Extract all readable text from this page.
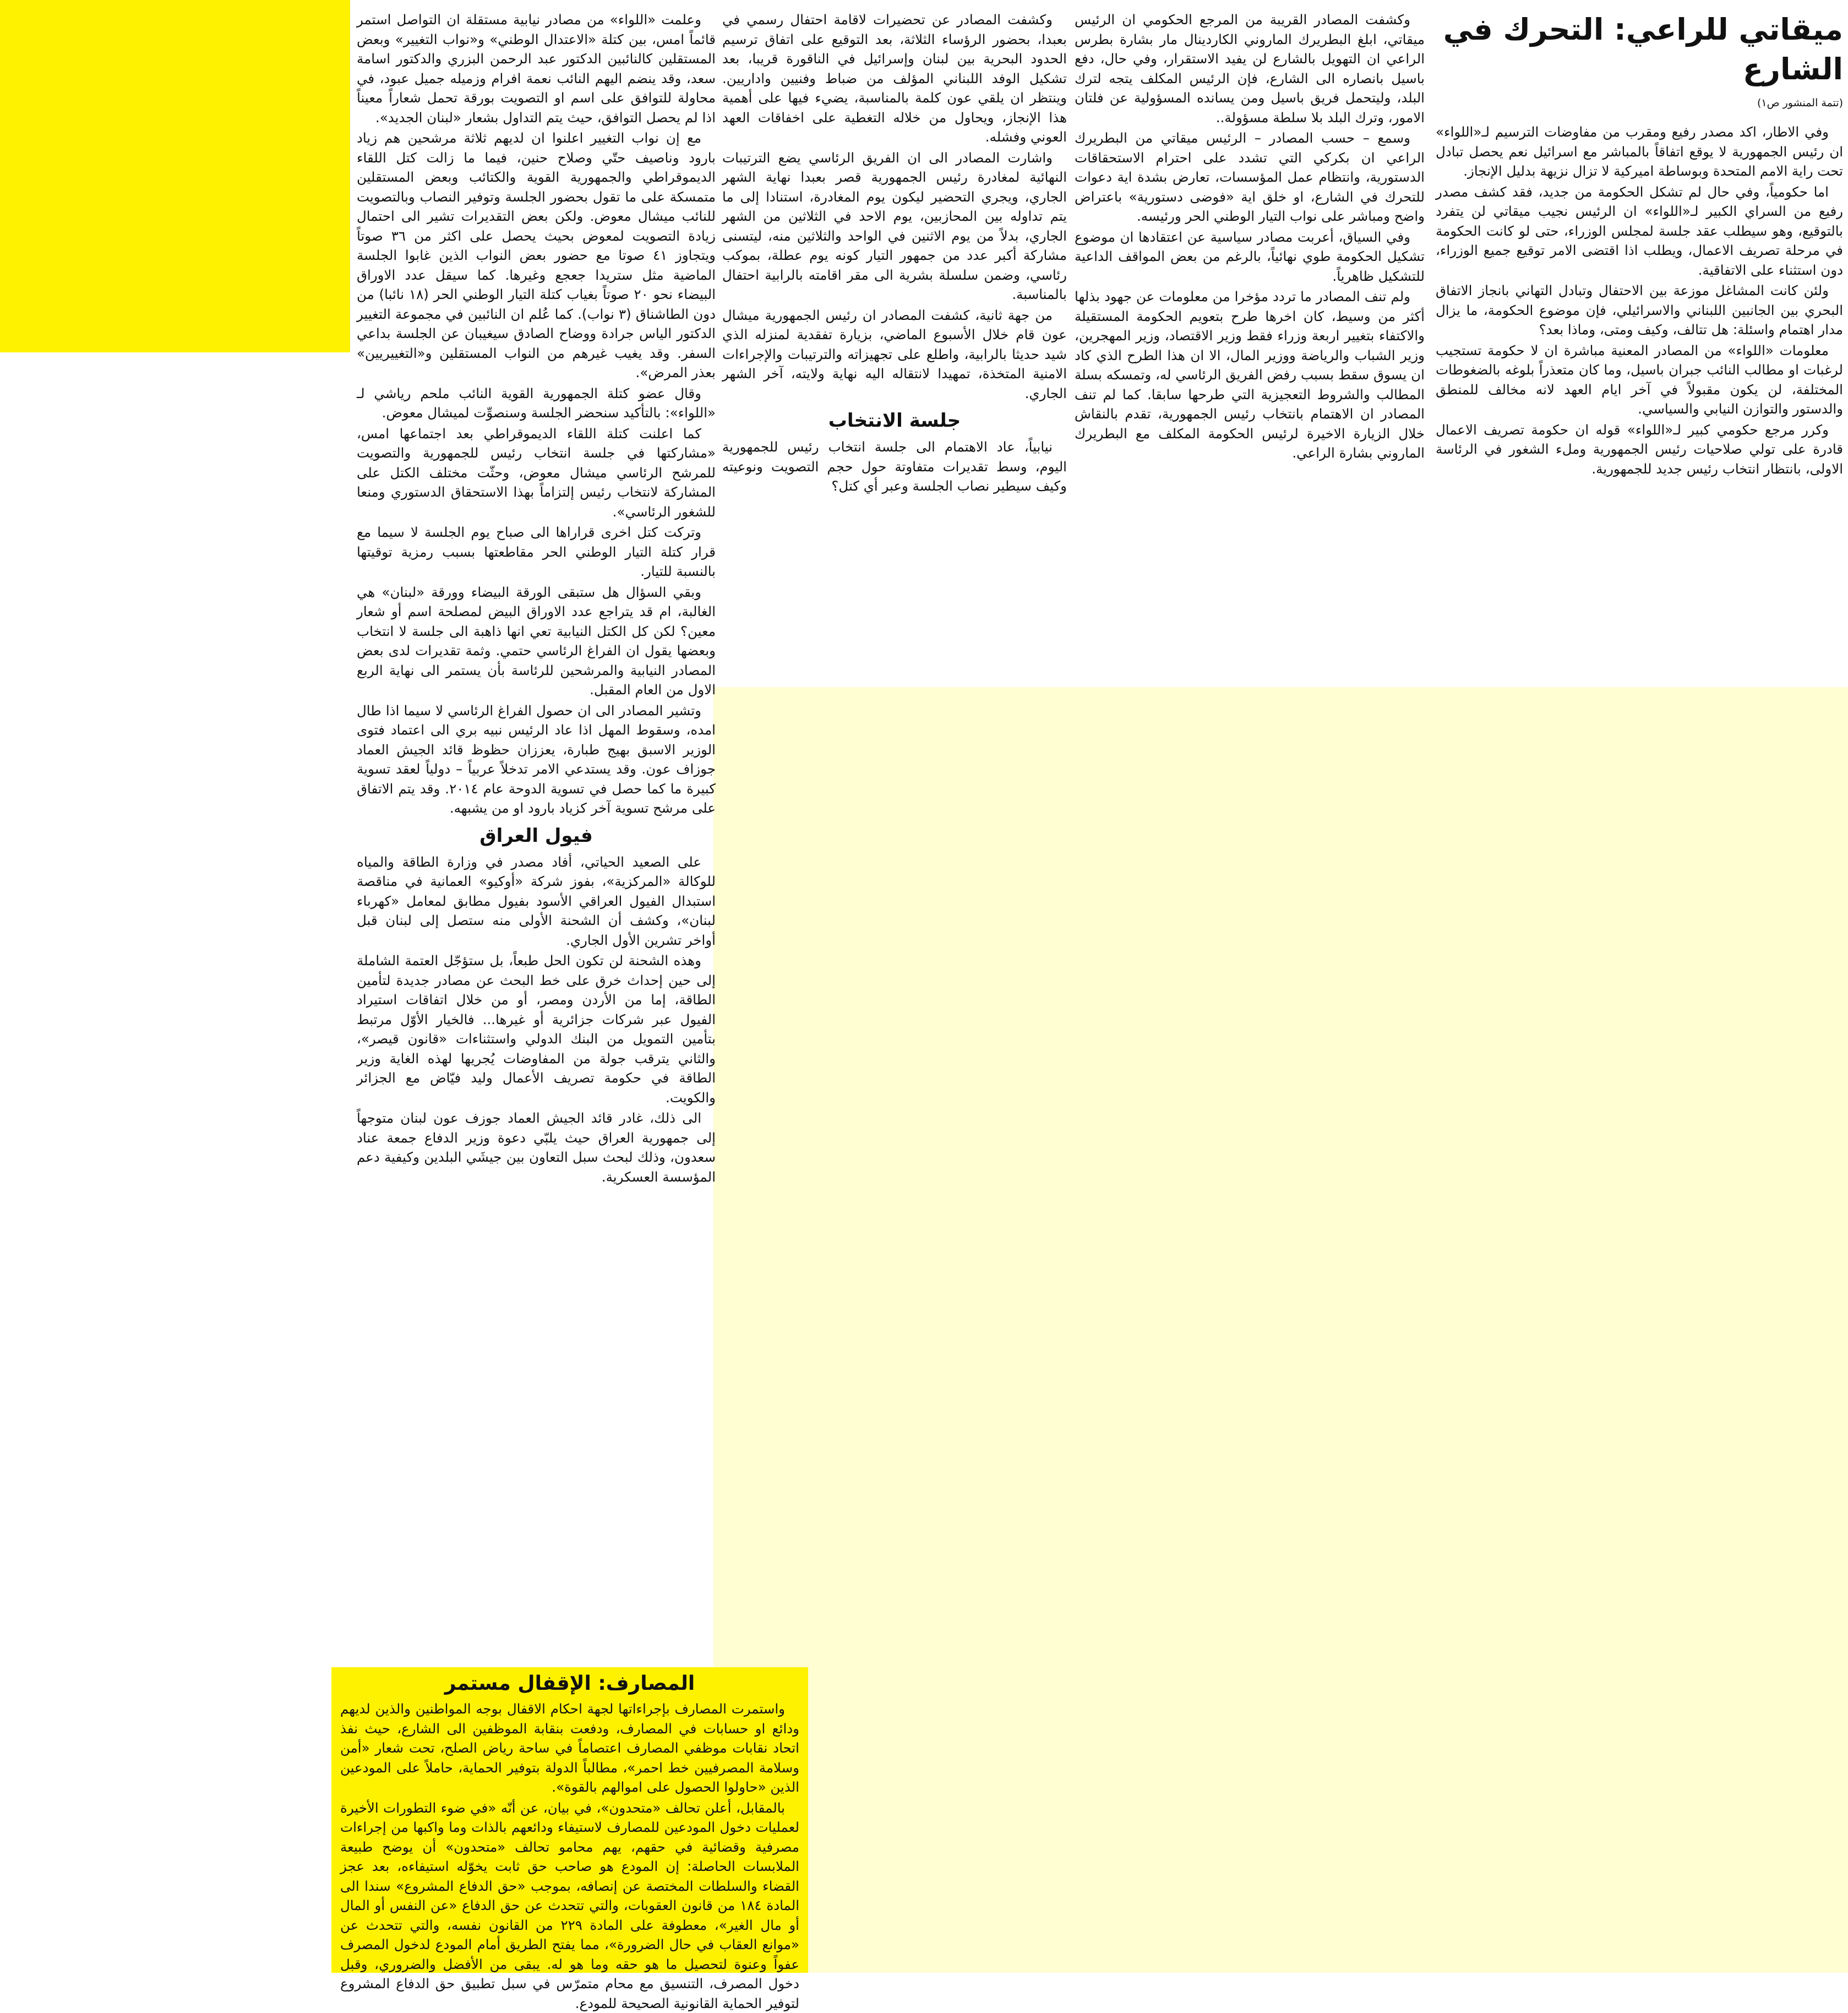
ميقاتي للراعي: التحرك في الشارع
(تتمة المنشور ص١)

وفي الاطار، اكد مصدر رفيع ومقرب من مفاوضات الترسيم لـ«اللواء» ان رئيس الجمهورية لا يوقع اتفاقاً بالمباشر مع اسرائيل نعم يحصل تبادل تحت راية الامم المتحدة وبوساطة اميركية لا تزال نزيهة بدليل الإنجاز.

اما حكومياً، وفي حال لم تشكل الحكومة من جديد، فقد كشف مصدر رفيع من السراي الكبير لـ«اللواء» ان الرئيس نجيب ميقاتي لن يتفرد بالتوقيع، وهو سيطلب عقد جلسة لمجلس الوزراء، حتى لو كانت الحكومة في مرحلة تصريف الاعمال، ويطلب اذا اقتضى الامر توقيع جميع الوزراء، دون استثناء على الاتفاقية.

ولئن كانت المشاغل موزعة بين الاحتفال وتبادل التهاني بانجاز الاتفاق البحري بين الجانبين اللبناني والاسرائيلي، فإن موضوع الحكومة، ما يزال مدار اهتمام واسئلة: هل تتالف، وكيف ومتى، وماذا بعد؟

معلومات «اللواء» من المصادر المعنية مباشرة ان لا حكومة تستجيب لرغبات او مطالب النائب جبران باسيل، وما كان متعذراً بلوغه بالضغوطات المختلفة، لن يكون مقبولاً في آخر ايام العهد لانه مخالف للمنطق والدستور والتوازن النيابي والسياسي.

وكرر مرجع حكومي كبير لـ«اللواء» قوله ان حكومة تصريف الاعمال قادرة على تولي صلاحيات رئيس الجمهورية وملء الشغور في الرئاسة الاولى، بانتظار انتخاب رئيس جديد للجمهورية.

وكشفت المصادر القريبة من المرجع الحكومي ان الرئيس ميقاتي، ابلغ البطريرك الماروني الكاردينال مار بشارة بطرس الراعي ان التهويل بالشارع لن يفيد الاستقرار، وفي حال، دفع باسيل بانصاره الى الشارع، فإن الرئيس المكلف يتجه لترك البلد، وليتحمل فريق باسيل ومن يسانده المسؤولية عن فلتان الامور، وترك البلد بلا سلطة مسؤولة..

وسمع – حسب المصادر – الرئيس ميقاتي من البطريرك الراعي ان بكركي التي تشدد على احترام الاستحقاقات الدستورية، وانتظام عمل المؤسسات، تعارض بشدة اية دعوات للتحرك في الشارع، او خلق اية «فوضى دستورية» باعتراض واضح ومباشر على نواب التيار الوطني الحر ورئيسه.

وفي السياق، أعربت مصادر سياسية عن اعتقادها ان موضوع تشكيل الحكومة طوي نهائياً، بالرغم من بعض المواقف الداعية للتشكيل ظاهرياً.

ولم تنف المصادر ما تردد مؤخرا من معلومات عن جهود بذلها أكثر من وسيط، كان اخرها طرح بتعويم الحكومة المستقيلة والاكتفاء بتغيير اربعة وزراء فقط وزير الاقتصاد، وزير المهجرين، وزير الشباب والرياضة ووزير المال، الا ان هذا الطرح الذي كاد ان يسوق سقط بسبب رفض الفريق الرئاسي له، وتمسكه بسلة المطالب والشروط التعجيزية التي طرحها سابقا. كما لم تنف المصادر ان الاهتمام بانتخاب رئيس الجمهورية، تقدم بالنقاش خلال الزيارة الاخيرة لرئيس الحكومة المكلف مع البطريرك الماروني بشارة الراعي.

وكشفت المصادر عن تحضيرات لاقامة احتفال رسمي في بعبدا، بحضور الرؤساء الثلاثة، بعد التوقيع على اتفاق ترسيم الحدود البحرية بين لبنان وإسرائيل في الناقورة قريبا، بعد تشكيل الوفد اللبناني المؤلف من ضباط وفنيين واداريين. وينتظر ان يلقي عون كلمة بالمناسبة، يضيء فيها على أهمية هذا الإنجاز، ويحاول من خلاله التغطية على اخفاقات العهد العوني وفشله.

واشارت المصادر الى ان الفريق الرئاسي يضع الترتيبات النهائية لمغادرة رئيس الجمهورية قصر بعبدا نهاية الشهر الجاري، ويجري التحضير ليكون يوم المغادرة، استنادا إلى ما يتم تداوله بين المحازبين، يوم الاحد في الثلاثين من الشهر الجاري، بدلاً من يوم الاثنين في الواحد والثلاثين منه، ليتسنى مشاركة أكبر عدد من جمهور التيار كونه يوم عطلة، بموكب رئاسي، وضمن سلسلة بشرية الى مقر اقامته بالرابية احتفال بالمناسبة.

من جهة ثانية، كشفت المصادر ان رئيس الجمهورية ميشال عون قام خلال الأسبوع الماضي، بزيارة تفقدية لمنزله الذي شيد حديثا بالرابية، واطلع على تجهيزاته والترتيبات والإجراءات الامنية المتخذة، تمهيدا لانتقاله اليه نهاية ولايته، آخر الشهر الجاري.

جلسة الانتخاب

نيابياً، عاد الاهتمام الى جلسة انتخاب رئيس للجمهورية اليوم، وسط تقديرات متفاوتة حول حجم التصويت ونوعيته وكيف سيطير نصاب الجلسة وعبر أي كتل؟

وعلمت «اللواء» من مصادر نيابية مستقلة ان التواصل استمر قائماً امس، بين كتلة «الاعتدال الوطني» و«نواب التغيير» وبعض المستقلين كالنائبين الدكتور عبد الرحمن البزري والدكتور اسامة سعد، وقد ينضم اليهم النائب نعمة افرام وزميله جميل عبود، في محاولة للتوافق على اسم او التصويت بورقة تحمل شعاراً معيناً اذا لم يحصل التوافق، حيث يتم التداول بشعار «لبنان الجديد».

مع إن نواب التغيير اعلنوا ان لديهم ثلاثة مرشحين هم زياد بارود وناصيف حتّي وصلاح حنين، فيما ما زالت كتل اللقاء الديموقراطي والجمهورية القوية والكتائب وبعض المستقلين متمسكة على ما تقول بحضور الجلسة وتوفير النصاب وبالتصويت للنائب ميشال معوض. ولكن بعض التقديرات تشير الى احتمال زيادة التصويت لمعوض بحيث يحصل على اكثر من ٣٦ صوتاً ويتجاوز ٤١ صوتا مع حضور بعض النواب الذين غابوا الجلسة الماضية مثل ستريدا جعجع وغيرها. كما سيقل عدد الاوراق البيضاء نحو ٢٠ صوتاً بغياب كتلة التيار الوطني الحر (١٨ نائبا) من دون الطاشناق (٣ نواب). كما عُلم ان النائبين في مجموعة التغيير الدكتور الياس جرادة ووضاح الصادق سيغيبان عن الجلسة بداعي السفر. وقد يغيب غيرهم من النواب المستقلين و«التغييريين» بعذر المرض».

وقال عضو كتلة الجمهورية القوية النائب ملحم رياشي لـ «اللواء»: بالتأكيد سنحضر الجلسة وسنصوِّت لميشال معوض.

كما اعلنت كتلة اللقاء الديموقراطي بعد اجتماعها امس، «مشاركتها في جلسة انتخاب رئيس للجمهورية والتصويت للمرشح الرئاسي ميشال معوض، وحثّت مختلف الكتل على المشاركة لانتخاب رئيس إلتزاماً بهذا الاستحقاق الدستوري ومنعا للشغور الرئاسي».

وتركت كتل اخرى قراراها الى صباح يوم الجلسة لا سيما مع قرار كتلة التيار الوطني الحر مقاطعتها بسبب رمزية توقيتها بالنسبة للتيار.

وبقي السؤال هل ستبقى الورقة البيضاء وورقة «لبنان» هي الغالبة، ام قد يتراجع عدد الاوراق البيض لمصلحة اسم أو شعار معين؟ لكن كل الكتل النيابية تعي انها ذاهبة الى جلسة لا انتخاب وبعضها يقول ان الفراغ الرئاسي حتمي. وثمة تقديرات لدى بعض المصادر النيابية والمرشحين للرئاسة بأن يستمر الى نهاية الربع الاول من العام المقبل.

وتشير المصادر الى ان حصول الفراغ الرئاسي لا سيما اذا طال امده، وسقوط المهل اذا عاد الرئيس نبيه بري الى اعتماد فتوى الوزير الاسبق بهيج طبارة، يعززان حظوظ قائد الجيش العماد جوزاف عون. وقد يستدعي الامر تدخلاً عربياً – دولياً لعقد تسوية كبيرة ما كما حصل في تسوية الدوحة عام ٢٠١٤. وقد يتم الاتفاق على مرشح تسوية آخر كزياد بارود او من يشبهه.

فيول العراق

على الصعيد الحياتي، أفاد مصدر في وزارة الطاقة والمياه للوكالة «المركزية»، بفوز شركة «أوكيو» العمانية في مناقصة استبدال الفيول العراقي الأسود بفيول مطابق لمعامل «كهرباء لبنان»، وكشف أن الشحنة الأولى منه ستصل إلى لبنان قبل أواخر تشرين الأول الجاري.

وهذه الشحنة لن تكون الحل طبعاً، بل ستؤجّل العتمة الشاملة إلى حين إحداث خرق على خط البحث عن مصادر جديدة لتأمين الطاقة، إما من الأردن ومصر، أو من خلال اتفاقات استيراد الفيول عبر شركات جزائرية أو غيرها... فالخيار الأوّل مرتبط بتأمين التمويل من البنك الدولي واستثناءات «قانون قيصر»، والثاني يترقب جولة من المفاوضات يُجريها لهذه الغاية وزير الطاقة في حكومة تصريف الأعمال وليد فيّاض مع الجزائر والكويت.

الى ذلك، غادر قائد الجيش العماد جوزف عون لبنان متوجهاً إلى جمهورية العراق حيث يلبّي دعوة وزير الدفاع جمعة عناد سعدون، وذلك لبحث سبل التعاون بين جيشَي البلدين وكيفية دعم المؤسسة العسكرية.

المصارف: الإقفال مستمر

واستمرت المصارف بإجراءاتها لجهة احكام الاقفال بوجه المواطنين والذين لديهم ودائع او حسابات في المصارف، ودفعت بنقابة الموظفين الى الشارع، حيث نفذ اتحاد نقابات موظفي المصارف اعتصاماً في ساحة رياض الصلح، تحت شعار «أمن وسلامة المصرفيين خط احمر»، مطالباً الدولة بتوفير الحماية، حاملاً على المودعين الذين «حاولوا الحصول على اموالهم بالقوة».

بالمقابل، أعلن تحالف «متحدون»، في بيان، عن أنّه «في ضوء التطورات الأخيرة لعمليات دخول المودعين للمصارف لاستيفاء ودائعهم بالذات وما واكبها من إجراءات مصرفية وقضائية في حقهم، يهم محامو تحالف «متحدون» أن يوضح طبيعة الملابسات الحاصلة: إن المودع هو صاحب حق ثابت يخوّله استيفاءه، بعد عجز القضاء والسلطات المختصة عن إنصافه، بموجب «حق الدفاع المشروع» سندا الى المادة ١٨٤ من قانون العقوبات، والتي تتحدث عن حق الدفاع «عن النفس أو المال أو مال الغير»، معطوفة على المادة ٢٢٩ من القانون نفسه، والتي تتحدث عن «موانع العقاب في حال الضرورة»، مما يفتح الطريق أمام المودع لدخول المصرف عفواً وعنوة لتحصيل ما هو حقه وما هو له. يبقى من الأفضل والضروري، وقبل دخول المصرف، التنسيق مع محام متمرّس في سبل تطبيق حق الدفاع المشروع لتوفير الحماية القانونية الصحيحة للمودع.
